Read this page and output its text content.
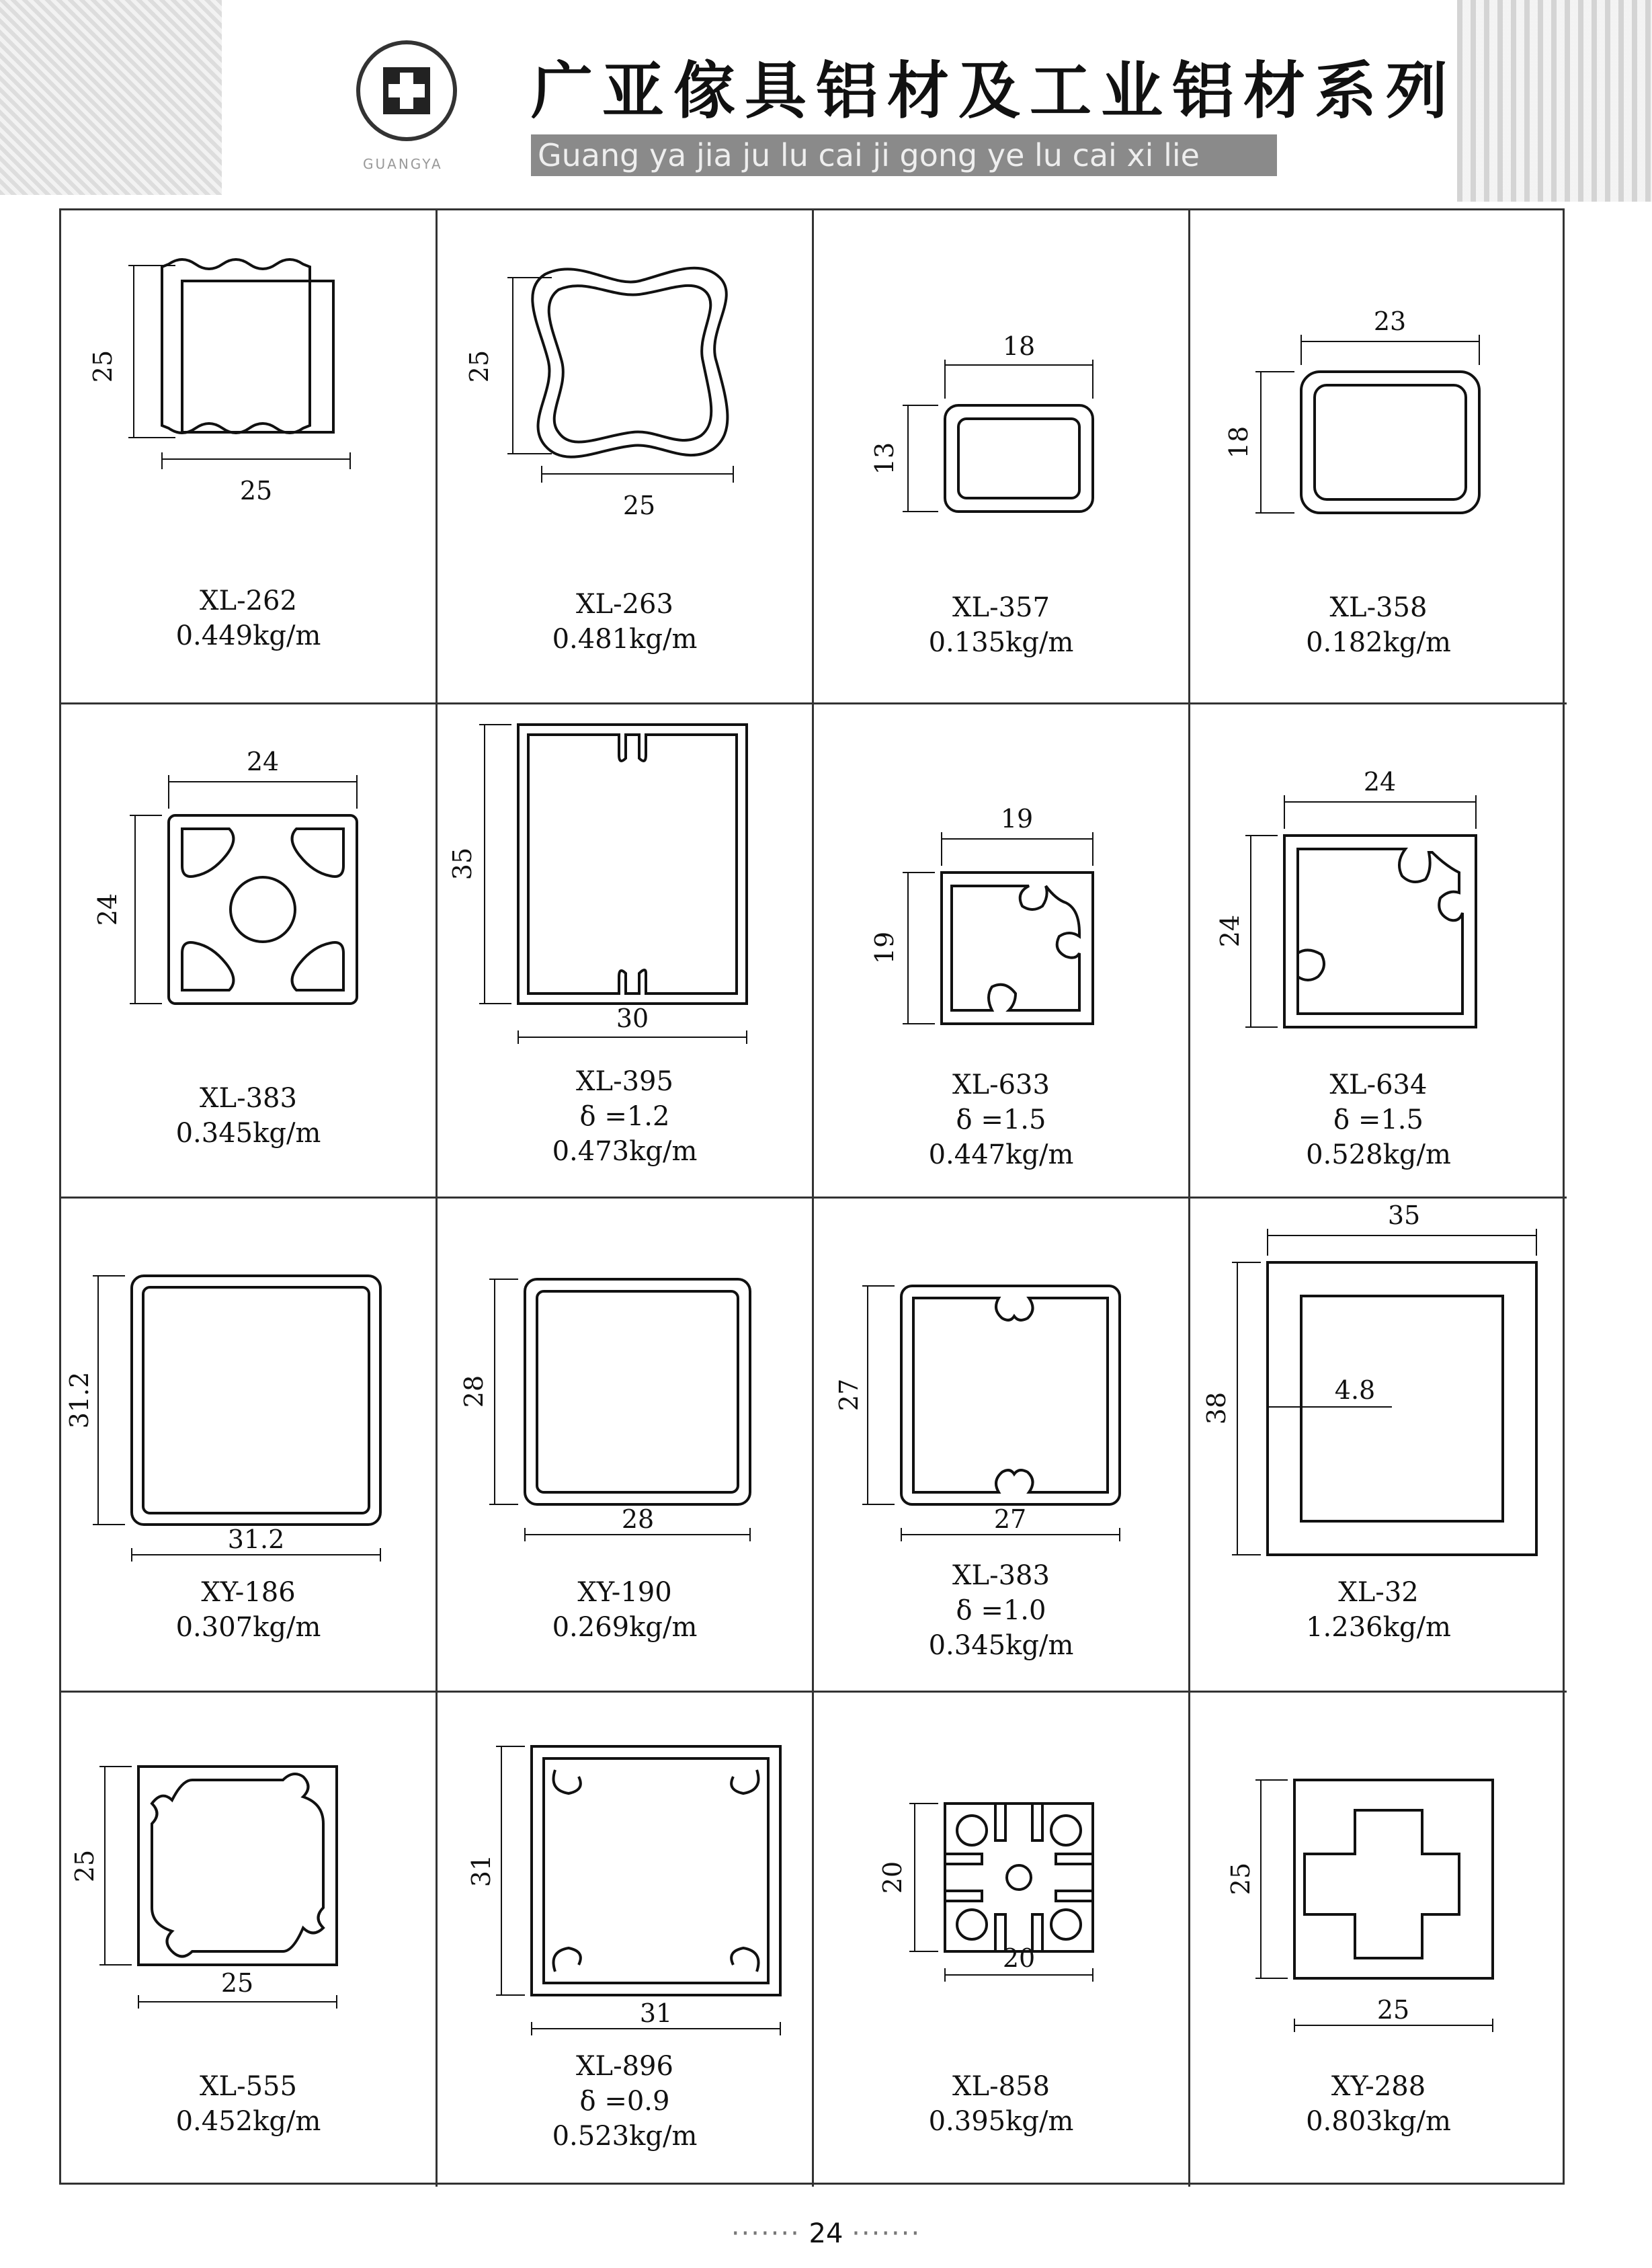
GUANGYA
广亚傢具铝材及工业铝材系列
Guang ya jia ju lu cai ji gong ye lu cai xi lie
25
25
XL-262
0.449kg/m
25
25
XL-263
0.481kg/m
18
13
XL-357
0.135kg/m
23
18
XL-358
0.182kg/m
24
24
XL-383
0.345kg/m
35
30
XL-395
δ =1.2
0.473kg/m
19
19
XL-633
δ =1.5
0.447kg/m
24
24
XL-634
δ =1.5
0.528kg/m
31.2
31.2
XY-186
0.307kg/m
28
28
XY-190
0.269kg/m
27
27
XL-383
δ =1.0
0.345kg/m
35
38
4.8
XL-32
1.236kg/m
25
25
XL-555
0.452kg/m
31
31
XL-896
δ =0.9
0.523kg/m
20
20
XL-858
0.395kg/m
25
25
XY-288
0.803kg/m
······· 24 ·······
